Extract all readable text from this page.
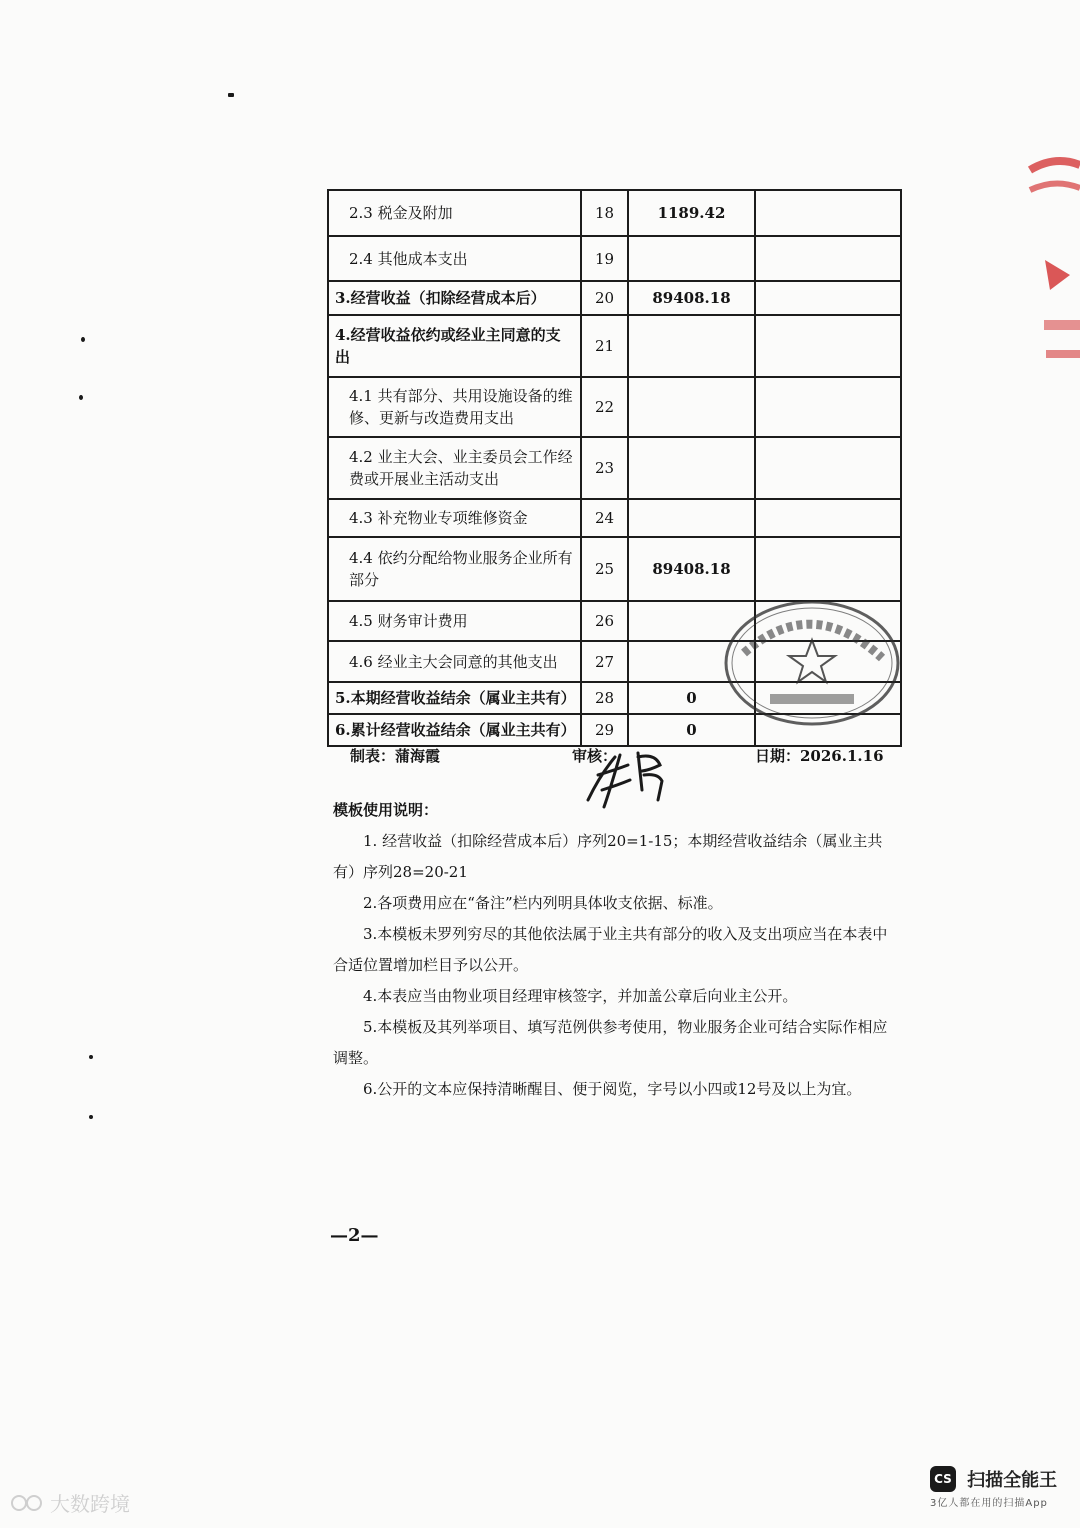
2.3 税金及附加	18	1189.42	
2.4 其他成本支出	19		
3.经营收益（扣除经营成本后）	20	89408.18	
4.经营收益依约或经业主同意的支出	21		
4.1 共有部分、共用设施设备的维修、更新与改造费用支出	22		
4.2 业主大会、业主委员会工作经费或开展业主活动支出	23		
4.3 补充物业专项维修资金	24		
4.4 依约分配给物业服务企业所有部分	25	89408.18	
4.5 财务审计费用	26		
4.6 经业主大会同意的其他支出	27		
5.本期经营收益结余（属业主共有）	28	0	
6.累计经营收益结余（属业主共有）	29	0	
制表：蒲海霞	审核：	日期：2026.1.16
模板使用说明：

1. 经营收益（扣除经营成本后）序列20=1-15；本期经营收益结余（属业主共有）序列28=20-21

2.各项费用应在“备注”栏内列明具体收支依据、标准。

3.本模板未罗列穷尽的其他依法属于业主共有部分的收入及支出项应当在本表中合适位置增加栏目予以公开。

4.本表应当由物业项目经理审核签字，并加盖公章后向业主公开。

5.本模板及其列举项目、填写范例供参考使用，物业服务企业可结合实际作相应调整。

6.公开的文本应保持清晰醒目、便于阅览，字号以小四或12号及以上为宜。

—2—
大数跨境
CS 扫描全能王
3亿人都在用的扫描App
